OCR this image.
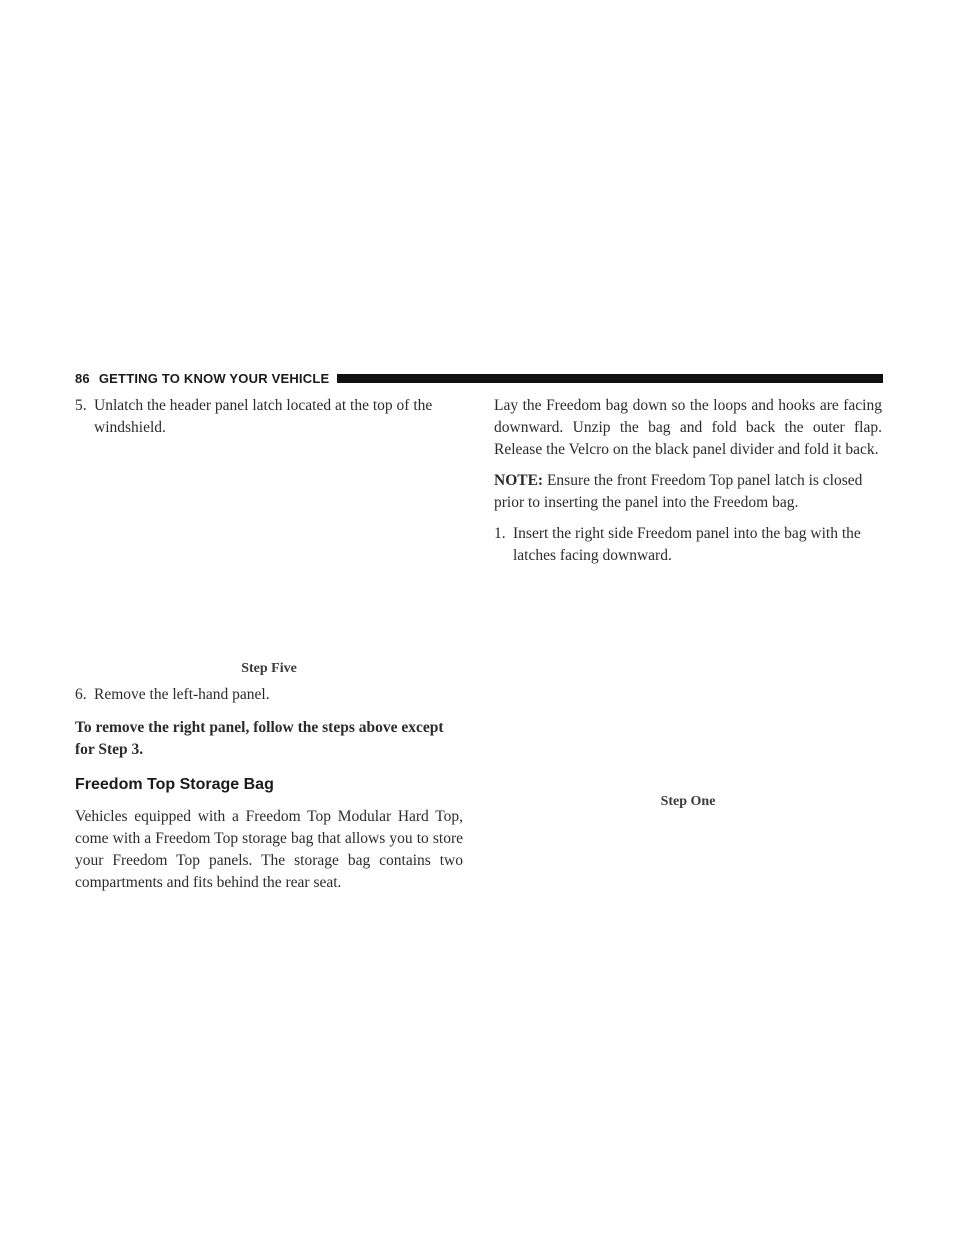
86 GETTING TO KNOW YOUR VEHICLE

5. Unlatch the header panel latch located at the top of the windshield.

Step Five

6. Remove the left-hand panel.

To remove the right panel, follow the steps above except for Step 3.

Freedom Top Storage Bag

Vehicles equipped with a Freedom Top Modular Hard Top, come with a Freedom Top storage bag that allows you to store your Freedom Top panels. The storage bag contains two compartments and fits behind the rear seat.

Lay the Freedom bag down so the loops and hooks are facing downward. Unzip the bag and fold back the outer flap. Release the Velcro on the black panel divider and fold it back.

NOTE: Ensure the front Freedom Top panel latch is closed prior to inserting the panel into the Freedom bag.

1. Insert the right side Freedom panel into the bag with the latches facing downward.

Step One
